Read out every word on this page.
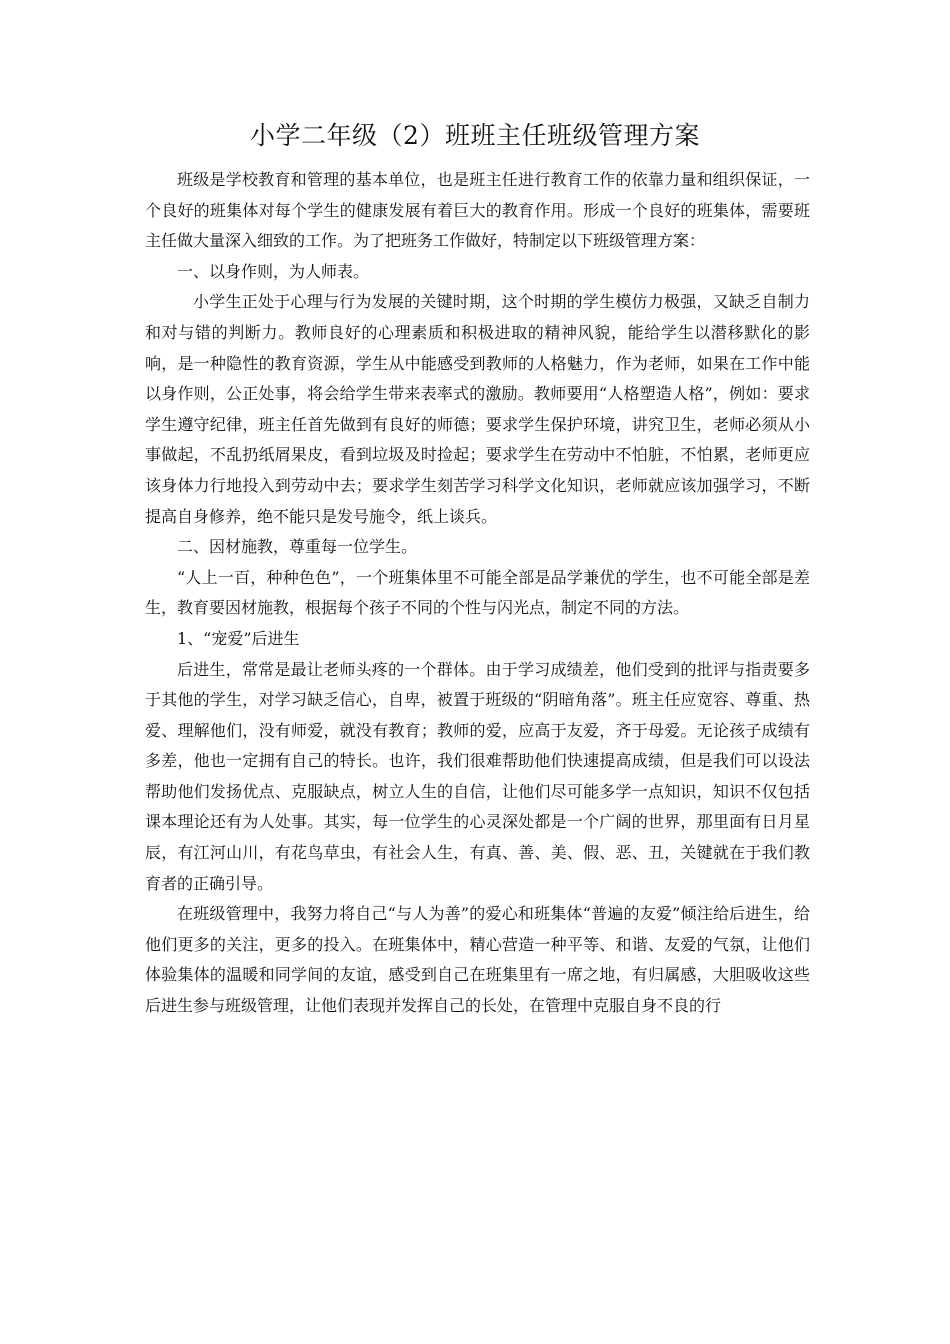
小学二年级（2）班班主任班级管理方案

班级是学校教育和管理的基本单位，也是班主任进行教育工作的依靠力量和组织保证，一个良好的班集体对每个学生的健康发展有着巨大的教育作用。形成一个良好的班集体，需要班主任做大量深入细致的工作。为了把班务工作做好，特制定以下班级管理方案：

一、以身作则，为人师表。

小学生正处于心理与行为发展的关键时期，这个时期的学生模仿力极强，又缺乏自制力和对与错的判断力。教师良好的心理素质和积极进取的精神风貌，能给学生以潜移默化的影响，是一种隐性的教育资源，学生从中能感受到教师的人格魅力，作为老师，如果在工作中能以身作则，公正处事，将会给学生带来表率式的激励。教师要用“人格塑造人格”，例如：要求学生遵守纪律，班主任首先做到有良好的师德；要求学生保护环境，讲究卫生，老师必须从小事做起，不乱扔纸屑果皮，看到垃圾及时捡起；要求学生在劳动中不怕脏，不怕累，老师更应该身体力行地投入到劳动中去；要求学生刻苦学习科学文化知识，老师就应该加强学习，不断提高自身修养，绝不能只是发号施令，纸上谈兵。

二、因材施教，尊重每一位学生。

“人上一百，种种色色”，一个班集体里不可能全部是品学兼优的学生，也不可能全部是差生，教育要因材施教，根据每个孩子不同的个性与闪光点，制定不同的方法。

1、“宠爱”后进生

后进生，常常是最让老师头疼的一个群体。由于学习成绩差，他们受到的批评与指责要多于其他的学生，对学习缺乏信心，自卑，被置于班级的“阴暗角落”。班主任应宽容、尊重、热爱、理解他们，没有师爱，就没有教育；教师的爱，应高于友爱，齐于母爱。无论孩子成绩有多差，他也一定拥有自己的特长。也许，我们很难帮助他们快速提高成绩，但是我们可以设法帮助他们发扬优点、克服缺点，树立人生的自信，让他们尽可能多学一点知识，知识不仅包括课本理论还有为人处事。其实，每一位学生的心灵深处都是一个广阔的世界，那里面有日月星辰，有江河山川，有花鸟草虫，有社会人生，有真、善、美、假、恶、丑，关键就在于我们教育者的正确引导。

在班级管理中，我努力将自己“与人为善”的爱心和班集体“普遍的友爱”倾注给后进生，给他们更多的关注，更多的投入。在班集体中，精心营造一种平等、和谐、友爱的气氛，让他们体验集体的温暖和同学间的友谊，感受到自己在班集里有一席之地，有归属感，大胆吸收这些后进生参与班级管理，让他们表现并发挥自己的长处，在管理中克服自身不良的行
